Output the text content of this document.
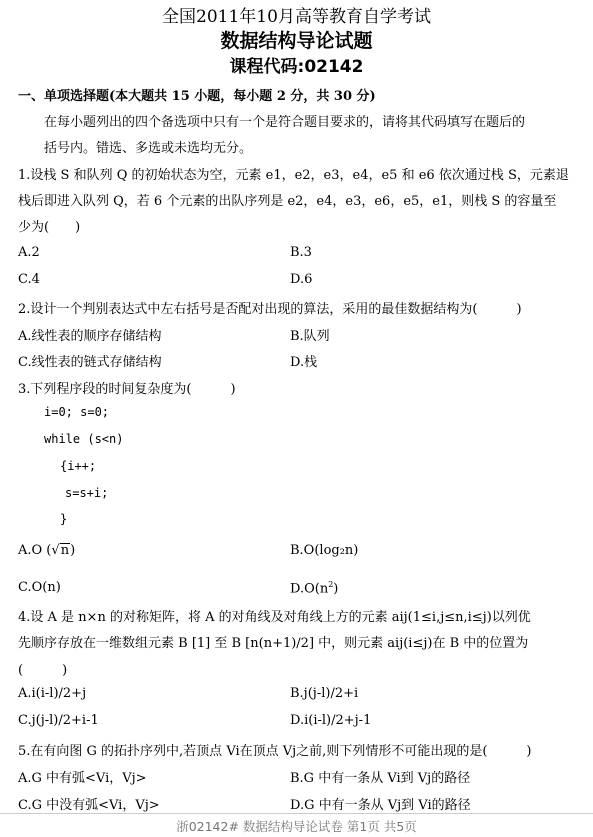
全国2011年10月高等教育自学考试
数据结构导论试题
课程代码:02142
一、单项选择题(本大题共 15 小题，每小题 2 分，共 30 分)
在每小题列出的四个备选项中只有一个是符合题目要求的，请将其代码填写在题后的
括号内。错选、多选或未选均无分。
1.设栈 S 和队列 Q 的初始状态为空，元素 e1，e2，e3，e4，e5 和 e6 依次通过栈 S，元素退
栈后即进入队列 Q，若 6 个元素的出队序列是 e2，e4，e3，e6，e5，e1，则栈 S 的容量至
少为(　　)
A.2	B.3
C.4	D.6
2.设计一个判别表达式中左右括号是否配对出现的算法，采用的最佳数据结构为(　　　)
A.线性表的顺序存储结构	B.队列
C.线性表的链式存储结构	D.栈
3.下列程序段的时间复杂度为(　　　)
i=0; s=0;
while (s<n)
{i++;
s=s+i;
}
A.O (√n)	B.O(log₂n)
C.O(n)	$D.O(n^2)$
4.设 A 是 n×n 的对称矩阵，将 A 的对角线及对角线上方的元素 aij(1≤i,j≤n,i≤j)以列优
先顺序存放在一维数组元素 B [1] 至 B [n(n+1)/2] 中，则元素 aij(i≤j)在 B 中的位置为
(　　　)
A.i(i-l)/2+j	B.j(j-l)/2+i
C.j(j-l)/2+i-1	D.i(i-l)/2+j-1
5.在有向图 G 的拓扑序列中,若顶点 Vi在顶点 Vj之前,则下列情形不可能出现的是(　　　)
A.G 中有弧<Vi，Vj>	B.G 中有一条从 Vi到 Vj的路径
C.G 中没有弧<Vi，Vj>	D.G 中有一条从 Vj到 Vi的路径
浙02142# 数据结构导论试卷 第1页 共5页
